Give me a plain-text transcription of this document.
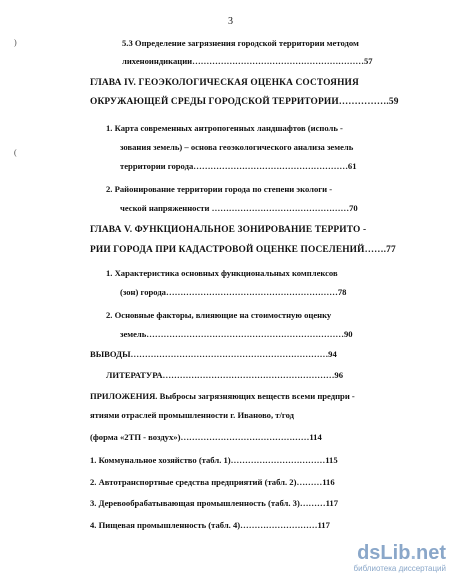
3
)
(
5.3 Определение загрязнения городской территории методом
лихеноиндикации……………………………………………………57
ГЛАВА IV. ГЕОЭКОЛОГИЧЕСКАЯ ОЦЕНКА СОСТОЯНИЯ
ОКРУЖАЮЩЕЙ СРЕДЫ ГОРОДСКОЙ ТЕРРИТОРИИ…………….59
1. Карта современных антропогенных ландшафтов (исполь -
зования земель) – основа геоэкологического анализа земель
территории города………………………………………………61
2. Районирование территории города по степени экологи -
ческой напряженности …………………………………………70
ГЛАВА V. ФУНКЦИОНАЛЬНОЕ ЗОНИРОВАНИЕ ТЕРРИТО -
РИИ ГОРОДА ПРИ КАДАСТРОВОЙ ОЦЕНКЕ ПОСЕЛЕНИЙ…….77
1. Характеристика основных функциональных комплексов
(зон) города……………………………………………………78
2. Основные факторы, влияющие на стоимостную оценку
земель……………………………………………………………90
ВЫВОДЫ……………………………………………………………94
ЛИТЕРАТУРА……………………………………………………96
ПРИЛОЖЕНИЯ. Выбросы загрязняющих веществ всеми предпри -
ятиями отраслей промышленности г. Иваново, т/год
(форма «2ТП - воздух»)………………………………………114
1. Коммунальное хозяйство (табл. 1)……………………………115
2. Автотранспортные средства предприятий (табл. 2)………116
3. Деревообрабатывающая промышленность (табл. 3)………117
4. Пищевая промышленность (табл. 4)………………………117
dsLib.net
библиотека диссертаций
